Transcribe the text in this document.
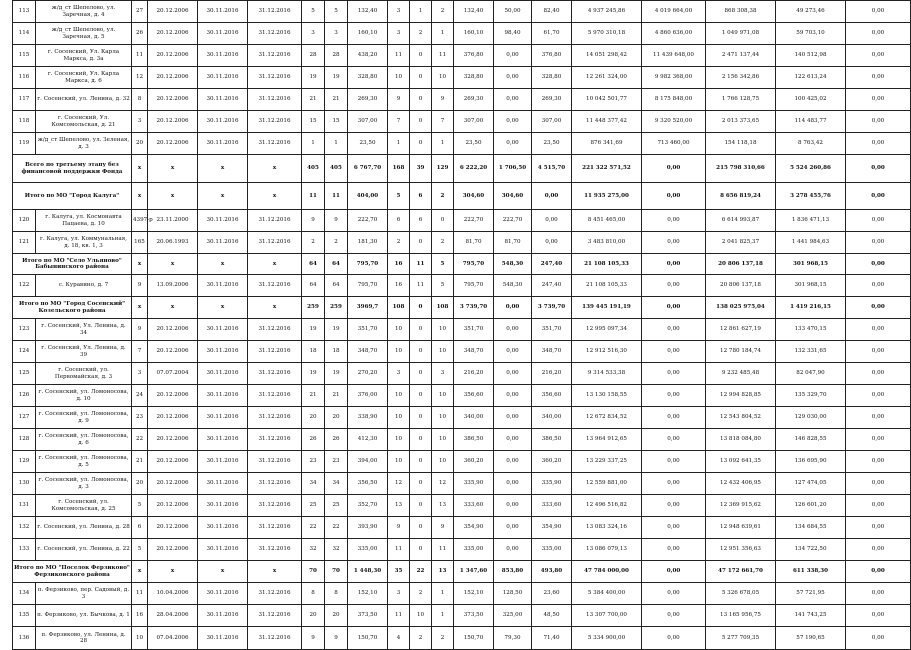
113	ж/д_ст Шепелово, ул. Заречная, д. 4	27	20.12.2006	30.11.2016	31.12.2016	5	5	132,40	3	1	2	132,40	50,00	82,40	4 937 245,86	4 019 664,00	868 308,38	49 273,46	0,00
114	ж/д_ст Шепелово, ул. Заречная, д. 5	26	20.12.2006	30.11.2016	31.12.2016	3	3	160,10	3	2	1	160,10	98,40	61,70	5 970 310,18	4 860 636,00	1 049 971,08	59 703,10	0,00
115	г. Сосенский, Ул. Карла Маркса, д. 3а	11	20.12.2006	30.11.2016	31.12.2016	28	28	438,20	11	0	11	376,80	0,00	376,80	14 051 298,42	11 439 648,00	2 471 137,44	140 512,98	0,00
116	г. Сосенский, Ул. Карла Маркса, д. 6	12	20.12.2006	30.11.2016	31.12.2016	19	19	328,80	10	0	10	328,80	0,00	328,80	12 261 324,00	9 982 368,00	2 156 342,86	122 613,24	0,00
117	г. Сосенский, ул. Ленина, д. 32	8	20.12.2006	30.11.2016	31.12.2016	21	21	269,30	9	0	9	269,30	0,00	269,30	10 042 501,77	8 175 848,00	1 766 128,75	100 425,02	0,00
118	г. Сосенский, Ул. Комсомольская, д. 21	3	20.12.2006	30.11.2016	31.12.2016	15	15	307,00	7	0	7	307,00	0,00	307,00	11 448 377,42	9 320 520,00	2 013 373,65	114 483,77	0,00
119	ж/д_ст Шепелово, ул. Зеленая, д. 3	20	20.12.2006	30.11.2016	31.12.2016	1	1	23,50	1	0	1	23,50	0,00	23,50	876 341,69	713 460,00	154 118,18	8 763,42	0,00
Всего по третьему этапу без финансовой поддержки Фонда		x	x	x	x	405	405	6 767,70	168	39	129	6 222,20	1 706,50	4 515,70	221 322 571,52	0,00	215 798 310,66	5 524 260,86	0,00
Итого по МО "Город Калуга"		x	x	x	x	11	11	404,00	5	6	2	304,60	304,60	0,00	11 935 275,00	0,00	8 656 819,24	3 278 455,76	0,00
120	г. Калуга, ул. Космонавта Пацаева, д. 10	4397-р	23.11.2000	30.11.2016	31.12.2016	9	9	222,70	6	6	0	222,70	222,70	0,00	8 451 465,00	0,00	6 614 993,87	1 836 471,13	0,00
121	г. Калуга, ул. Коммунальная, д. 18, кв. 1, 3	165	20.06.1993	30.11.2016	31.12.2016	2	2	181,30	2	0	2	81,70	81,70	0,00	3 483 810,00	0,00	2 041 825,37	1 441 984,63	0,00
Итого по МО "Село Ульяново" Бабынинского района		x	x	x	x	64	64	795,70	16	11	5	795,70	548,30	247,40	21 108 105,33	0,00	20 806 137,18	301 968,15	0,00
122	с. Куравино, д. 7	9	13.09.2006	30.11.2016	31.12.2016	64	64	795,70	16	11	5	795,70	548,30	247,40	21 108 105,33	0,00	20 806 137,18	301 968,15	0,00
Итого по МО "Город Сосенский" Козельского района		x	x	x	x	259	259	3969,7	108	0	108	3 739,70	0,00	3 739,70	139 445 191,19	0,00	138 025 975,04	1 419 216,15	0,00
123	г. Сосенский, Ул. Ленина, д. 34	9	20.12.2006	30.11.2016	31.12.2016	19	19	351,70	10	0	10	351,70	0,00	351,70	12 995 097,34	0,00	12 861 627,19	133 470,15	0,00
124	г. Сосенский, Ул. Ленина, д. 39	7	20.12.2006	30.11.2016	31.12.2016	18	18	348,70	10	0	10	348,70	0,00	348,70	12 912 516,30	0,00	12 780 184,74	132 331,65	0,00
125	г. Сосенский, ул. Первомайская, д. 3	3	07.07.2004	30.11.2016	31.12.2016	19	19	270,20	3	0	3	216,20	0,00	216,20	9 314 533,38	0,00	9 232 485,48	82 047,90	0,00
126	г. Сосенский, ул. Ломоносова, д. 10	24	20.12.2006	30.11.2016	31.12.2016	21	21	376,00	10	0	10	356,60	0,00	356,60	13 130 158,55	0,00	12 994 828,85	135 329,70	0,00
127	г. Сосенский, ул. Ломоносова, д. 9	23	20.12.2006	30.11.2016	31.12.2016	20	20	338,90	10	0	10	340,00	0,00	340,00	12 672 834,52	0,00	12 543 804,52	129 030,00	0,00
128	г. Сосенский, ул. Ломоносова, д. 6	22	20.12.2006	30.11.2016	31.12.2016	26	26	412,30	10	0	10	386,50	0,00	386,50	13 964 912,65	0,00	13 818 084,80	146 828,55	0,00
129	г. Сосенский, ул. Ломоносова, д. 5	21	20.12.2006	30.11.2016	31.12.2016	23	23	394,00	10	0	10	360,20	0,00	360,20	13 229 337,25	0,00	13 092 641,35	136 695,90	0,00
130	г. Сосенский, ул. Ломоносова, д. 3	20	20.12.2006	30.11.2016	31.12.2016	34	34	356,50	12	0	12	335,90	0,00	335,90	12 559 881,00	0,00	12 432 406,95	127 474,05	0,00
131	г. Сосенский, ул. Комсомольская, д. 25	5	20.12.2006	30.11.2016	31.12.2016	25	25	352,70	13	0	13	333,60	0,00	333,60	12 496 516,82	0,00	12 369 915,62	126 601,20	0,00
132	г. Сосенский, ул. Ленина, д. 28	6	20.12.2006	30.11.2016	31.12.2016	22	22	393,90	9	0	9	354,90	0,00	354,90	13 083 324,16	0,00	12 948 639,61	134 684,55	0,00
133	г. Сосенский, ул. Ленина, д. 22	5	20.12.2006	30.11.2016	31.12.2016	32	32	335,00	11	0	11	335,00	0,00	335,00	13 086 079,13	0,00	12 951 356,63	134 722,50	0,00
Итого по МО "Поселок Ферзиково" Ферзиковского района		x	x	x	x	70	70	1 448,30	35	22	13	1 347,60	853,80	493,80	47 784 000,00	0,00	47 172 661,70	611 338,30	0,00
134	п. Ферзиково, пер. Садовый, д. 3	11	10.04.2006	30.11.2016	31.12.2016	8	8	152,10	3	2	1	152,10	128,50	23,60	5 384 400,00	0,00	5 326 678,05	57 721,95	0,00
135	п. Ферзиково, ул. Бычкова, д. 1	16	28.04.2006	30.11.2016	31.12.2016	20	20	373,50	11	10	1	373,50	325,00	48,50	13 307 700,00	0,00	13 165 956,75	141 743,25	0,00
136	п. Ферзиково, ул. Ленина, д. 28	10	07.04.2006	30.11.2016	31.12.2016	9	9	150,70	4	2	2	150,70	79,30	71,40	5 334 900,00	0,00	5 277 709,35	57 190,65	0,00
